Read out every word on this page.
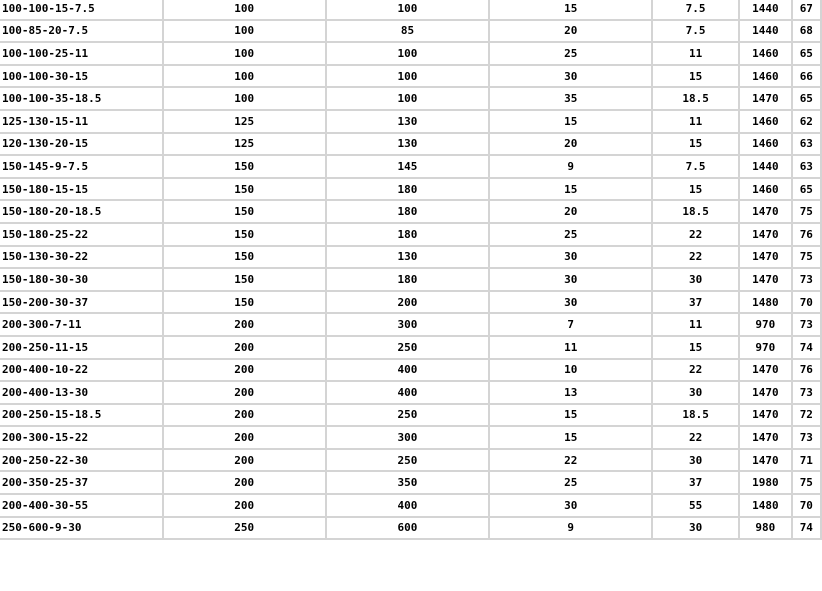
100-100-15-7.5	100	100	15	7.5	1440	67
100-85-20-7.5	100	85	20	7.5	1440	68
100-100-25-11	100	100	25	11	1460	65
100-100-30-15	100	100	30	15	1460	66
100-100-35-18.5	100	100	35	18.5	1470	65
125-130-15-11	125	130	15	11	1460	62
120-130-20-15	125	130	20	15	1460	63
150-145-9-7.5	150	145	9	7.5	1440	63
150-180-15-15	150	180	15	15	1460	65
150-180-20-18.5	150	180	20	18.5	1470	75
150-180-25-22	150	180	25	22	1470	76
150-130-30-22	150	130	30	22	1470	75
150-180-30-30	150	180	30	30	1470	73
150-200-30-37	150	200	30	37	1480	70
200-300-7-11	200	300	7	11	970	73
200-250-11-15	200	250	11	15	970	74
200-400-10-22	200	400	10	22	1470	76
200-400-13-30	200	400	13	30	1470	73
200-250-15-18.5	200	250	15	18.5	1470	72
200-300-15-22	200	300	15	22	1470	73
200-250-22-30	200	250	22	30	1470	71
200-350-25-37	200	350	25	37	1980	75
200-400-30-55	200	400	30	55	1480	70
250-600-9-30	250	600	9	30	980	74
